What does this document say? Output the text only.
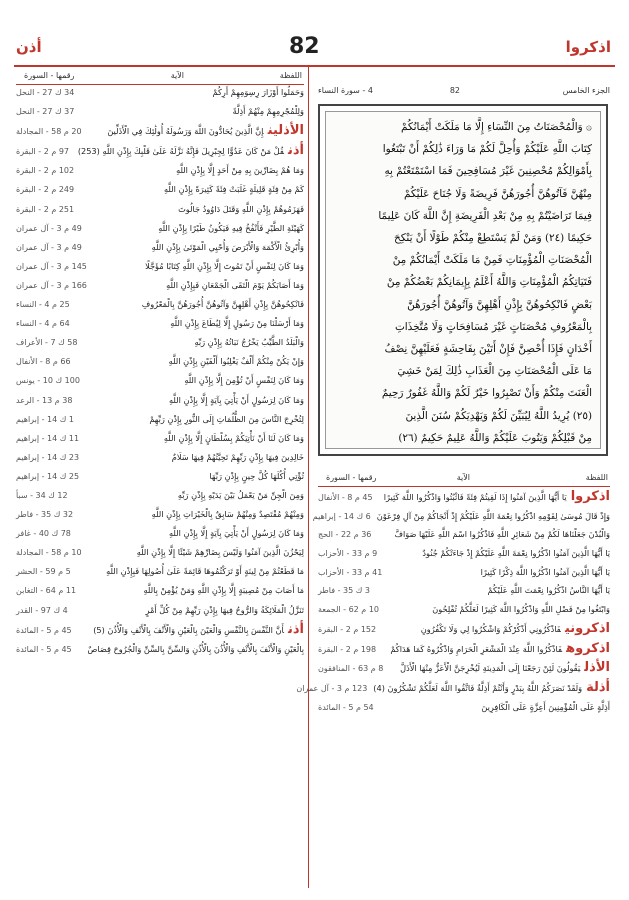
أذن	82	اذكروا
اللفظة
الآية
رقمها - السورة
وَحَمَلُوا أَوْزَارَ رِسِوَمِهِمْ أَرِكُمْ
34 ك 27 - النحل
وَلِلْمُجْرِمِهِمْ مِنْهُمْ أَذِلَّةً
37 ك 27 - النحل
الأذلينإِنَّ الَّذِينَ يُحَادُّونَ اللَّهَ وَرَسُولَهُ أُولَٰئِكَ فِي الْأَذَلِّينَ
20 م 58 - المجادلة
أذنقُلْ مَنْ كَانَ عَدُوًّا لِجِبْرِيلَ فَإِنَّهُ نَزَّلَهُ عَلَىٰ قَلْبِكَ بِإِذْنِ اللَّهِ (253)
97 م 2 - البقرة
وَمَا هُمْ بِضَارِّينَ بِهِ مِنْ أَحَدٍ إِلَّا بِإِذْنِ اللَّهِ
102 م 2 - البقرة
كَمْ مِنْ فِئَةٍ قَلِيلَةٍ غَلَبَتْ فِئَةً كَثِيرَةً بِإِذْنِ اللَّهِ
249 م 2 - البقرة
فَهَزَمُوهُمْ بِإِذْنِ اللَّهِ وَقَتَلَ دَاوُودُ جَالُوتَ
251 م 2 - البقرة
كَهَيْئَةِ الطَّيْرِ فَأَنْفُخُ فِيهِ فَيَكُونُ طَيْرًا بِإِذْنِ اللَّهِ
49 م 3 - آل عمران
وَأُبْرِئُ الْأَكْمَهَ وَالْأَبْرَصَ وَأُحْيِي الْمَوْتَىٰ بِإِذْنِ اللَّهِ
49 م 3 - آل عمران
وَمَا كَانَ لِنَفْسٍ أَنْ تَمُوتَ إِلَّا بِإِذْنِ اللَّهِ كِتَابًا مُؤَجَّلًا
145 م 3 - آل عمران
وَمَا أَصَابَكُمْ يَوْمَ الْتَقَى الْجَمْعَانِ فَبِإِذْنِ اللَّهِ
166 م 3 - آل عمران
فَانْكِحُوهُنَّ بِإِذْنِ أَهْلِهِنَّ وَآتُوهُنَّ أُجُورَهُنَّ بِالْمَعْرُوفِ
25 م 4 - النساء
وَمَا أَرْسَلْنَا مِنْ رَسُولٍ إِلَّا لِيُطَاعَ بِإِذْنِ اللَّهِ
64 م 4 - النساء
وَالْبَلَدُ الطَّيِّبُ يَخْرُجُ نَبَاتُهُ بِإِذْنِ رَبِّهِ
58 ك 7 - الأعراف
وَإِنْ يَكُنْ مِنْكُمْ أَلْفٌ يَغْلِبُوا أَلْفَيْنِ بِإِذْنِ اللَّهِ
66 م 8 - الأنفال
وَمَا كَانَ لِنَفْسٍ أَنْ تُؤْمِنَ إِلَّا بِإِذْنِ اللَّهِ
100 ك 10 - يونس
وَمَا كَانَ لِرَسُولٍ أَنْ يَأْتِيَ بِآيَةٍ إِلَّا بِإِذْنِ اللَّهِ
38 م 13 - الرعد
لِتُخْرِجَ النَّاسَ مِنَ الظُّلُمَاتِ إِلَى النُّورِ بِإِذْنِ رَبِّهِمْ
1 ك 14 - إبراهيم
وَمَا كَانَ لَنَا أَنْ نَأْتِيَكُمْ بِسُلْطَانٍ إِلَّا بِإِذْنِ اللَّهِ
11 ك 14 - إبراهيم
خَالِدِينَ فِيهَا بِإِذْنِ رَبِّهِمْ تَحِيَّتُهُمْ فِيهَا سَلَامٌ
23 ك 14 - إبراهيم
تُؤْتِي أُكُلَهَا كُلَّ حِينٍ بِإِذْنِ رَبِّهَا
25 ك 14 - إبراهيم
وَمِنَ الْجِنِّ مَنْ يَعْمَلُ بَيْنَ يَدَيْهِ بِإِذْنِ رَبِّهِ
12 ك 34 - سبأ
وَمِنْهُمْ مُقْتَصِدٌ وَمِنْهُمْ سَابِقٌ بِالْخَيْرَاتِ بِإِذْنِ اللَّهِ
32 ك 35 - فاطر
وَمَا كَانَ لِرَسُولٍ أَنْ يَأْتِيَ بِآيَةٍ إِلَّا بِإِذْنِ اللَّهِ
78 ك 40 - غافر
لِيَحْزُنَ الَّذِينَ آمَنُوا وَلَيْسَ بِضَارِّهِمْ شَيْئًا إِلَّا بِإِذْنِ اللَّهِ
10 م 58 - المجادلة
مَا قَطَعْتُمْ مِنْ لِينَةٍ أَوْ تَرَكْتُمُوهَا قَائِمَةً عَلَىٰ أُصُولِهَا فَبِإِذْنِ اللَّهِ
5 م 59 - الحشر
مَا أَصَابَ مِنْ مُصِيبَةٍ إِلَّا بِإِذْنِ اللَّهِ وَمَنْ يُؤْمِنْ بِاللَّهِ
11 م 64 - التغابن
تَنَزَّلُ الْمَلَائِكَةُ وَالرُّوحُ فِيهَا بِإِذْنِ رَبِّهِمْ مِنْ كُلِّ أَمْرٍ
4 ك 97 - القدر
أذنأَنَّ النَّفْسَ بِالنَّفْسِ وَالْعَيْنَ بِالْعَيْنِ وَالْأَنْفَ بِالْأَنْفِ وَالْأُذُنَ (5)
45 م 5 - المائدة
بِالْعَيْنِ وَالْأَنْفَ بِالْأَنْفِ وَالْأُذُنَ بِالْأُذُنِ وَالسِّنَّ بِالسِّنِّ وَالْجُرُوحَ قِصَاصٌ
45 م 5 - المائدة
الجزء الخامس
82
4 - سورة النساء
۞ وَالْمُحْصَنَاتُ مِنَ النِّسَاءِ إِلَّا مَا مَلَكَتْ أَيْمَانُكُمْ
كِتَابَ اللَّهِ عَلَيْكُمْ وَأُحِلَّ لَكُمْ مَا وَرَاءَ ذَٰلِكُمْ أَنْ تَبْتَغُوا
بِأَمْوَالِكُمْ مُحْصِنِينَ غَيْرَ مُسَافِحِينَ فَمَا اسْتَمْتَعْتُمْ بِهِ
مِنْهُنَّ فَآتُوهُنَّ أُجُورَهُنَّ فَرِيضَةً وَلَا جُنَاحَ عَلَيْكُمْ
فِيمَا تَرَاضَيْتُمْ بِهِ مِنْ بَعْدِ الْفَرِيضَةِ إِنَّ اللَّهَ كَانَ عَلِيمًا
حَكِيمًا (٢٤) وَمَنْ لَمْ يَسْتَطِعْ مِنْكُمْ طَوْلًا أَنْ يَنْكِحَ
الْمُحْصَنَاتِ الْمُؤْمِنَاتِ فَمِنْ مَا مَلَكَتْ أَيْمَانُكُمْ مِنْ
فَتَيَاتِكُمُ الْمُؤْمِنَاتِ وَاللَّهُ أَعْلَمُ بِإِيمَانِكُمْ بَعْضُكُمْ مِنْ
بَعْضٍ فَانْكِحُوهُنَّ بِإِذْنِ أَهْلِهِنَّ وَآتُوهُنَّ أُجُورَهُنَّ
بِالْمَعْرُوفِ مُحْصَنَاتٍ غَيْرَ مُسَافِحَاتٍ وَلَا مُتَّخِذَاتِ
أَخْدَانٍ فَإِذَا أُحْصِنَّ فَإِنْ أَتَيْنَ بِفَاحِشَةٍ فَعَلَيْهِنَّ نِصْفُ
مَا عَلَى الْمُحْصَنَاتِ مِنَ الْعَذَابِ ذَٰلِكَ لِمَنْ خَشِيَ
الْعَنَتَ مِنْكُمْ وَأَنْ تَصْبِرُوا خَيْرٌ لَكُمْ وَاللَّهُ غَفُورٌ رَحِيمٌ
(٢٥) يُرِيدُ اللَّهُ لِيُبَيِّنَ لَكُمْ وَيَهْدِيَكُمْ سُنَنَ الَّذِينَ
مِنْ قَبْلِكُمْ وَيَتُوبَ عَلَيْكُمْ وَاللَّهُ عَلِيمٌ حَكِيمٌ (٢٦)
اللفظة
الآية
رقمها - السورة
اذكروايَا أَيُّهَا الَّذِينَ آمَنُوا إِذَا لَقِيتُمْ فِئَةً فَاثْبُتُوا وَاذْكُرُوا اللَّهَ كَثِيرًا
45 م 8 - الأنفال
وَإِذْ قَالَ مُوسَىٰ لِقَوْمِهِ اذْكُرُوا نِعْمَةَ اللَّهِ عَلَيْكُمْ إِذْ أَنْجَاكُمْ مِنْ آلِ فِرْعَوْنَ
6 ك 14 - إبراهيم
وَالْبُدْنَ جَعَلْنَاهَا لَكُمْ مِنْ شَعَائِرِ اللَّهِ فَاذْكُرُوا اسْمَ اللَّهِ عَلَيْهَا صَوَافَّ
36 م 22 - الحج
يَا أَيُّهَا الَّذِينَ آمَنُوا اذْكُرُوا نِعْمَةَ اللَّهِ عَلَيْكُمْ إِذْ جَاءَتْكُمْ جُنُودٌ
9 م 33 - الأحزاب
يَا أَيُّهَا الَّذِينَ آمَنُوا اذْكُرُوا اللَّهَ ذِكْرًا كَثِيرًا
41 م 33 - الأحزاب
يَا أَيُّهَا النَّاسُ اذْكُرُوا نِعْمَتَ اللَّهِ عَلَيْكُمْ
3 ك 35 - فاطر
وَابْتَغُوا مِنْ فَضْلِ اللَّهِ وَاذْكُرُوا اللَّهَ كَثِيرًا لَعَلَّكُمْ تُفْلِحُونَ
10 م 62 - الجمعة
اذكرونيفَاذْكُرُونِي أَذْكُرْكُمْ وَاشْكُرُوا لِي وَلَا تَكْفُرُونِ
152 م 2 - البقرة
اذكروهفَاذْكُرُوا اللَّهَ عِنْدَ الْمَشْعَرِ الْحَرَامِ وَاذْكُرُوهُ كَمَا هَدَاكُمْ
198 م 2 - البقرة
الأذليَقُولُونَ لَئِنْ رَجَعْنَا إِلَى الْمَدِينَةِ لَيُخْرِجَنَّ الْأَعَزُّ مِنْهَا الْأَذَلَّ
8 م 63 - المنافقون
أذلةوَلَقَدْ نَصَرَكُمُ اللَّهُ بِبَدْرٍ وَأَنْتُمْ أَذِلَّةٌ فَاتَّقُوا اللَّهَ لَعَلَّكُمْ تَشْكُرُونَ (4)
123 م 3 - آل عمران
أَذِلَّةٍ عَلَى الْمُؤْمِنِينَ أَعِزَّةٍ عَلَى الْكَافِرِينَ
54 م 5 - المائدة
